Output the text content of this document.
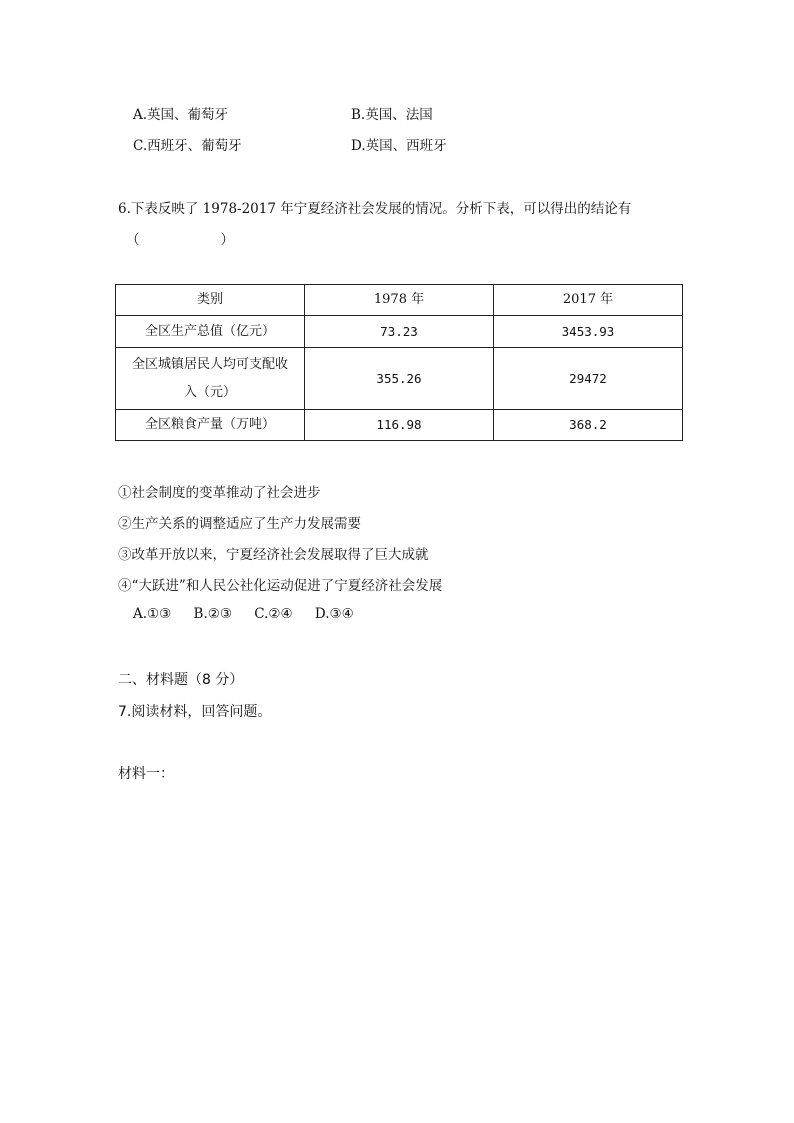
A.英国、葡萄牙	B.英国、法国
C.西班牙、葡萄牙	D.英国、西班牙
6.下表反映了 1978-2017 年宁夏经济社会发展的情况。分析下表，可以得出的结论有
（　　　　　　）
类别	1978 年	2017 年
全区生产总值（亿元）	73.23	3453.93

全区城镇居民人均可支配收
入（元）	355.26	29472
全区粮食产量（万吨）	116.98	368.2
①社会制度的变革推动了社会进步
②生产关系的调整适应了生产力发展需要
③改革开放以来，宁夏经济社会发展取得了巨大成就
④“大跃进”和人民公社化运动促进了宁夏经济社会发展
A.①③ B.②③ C.②④ D.③④
二、材料题（8 分）
7.阅读材料，回答问题。
材料一：
